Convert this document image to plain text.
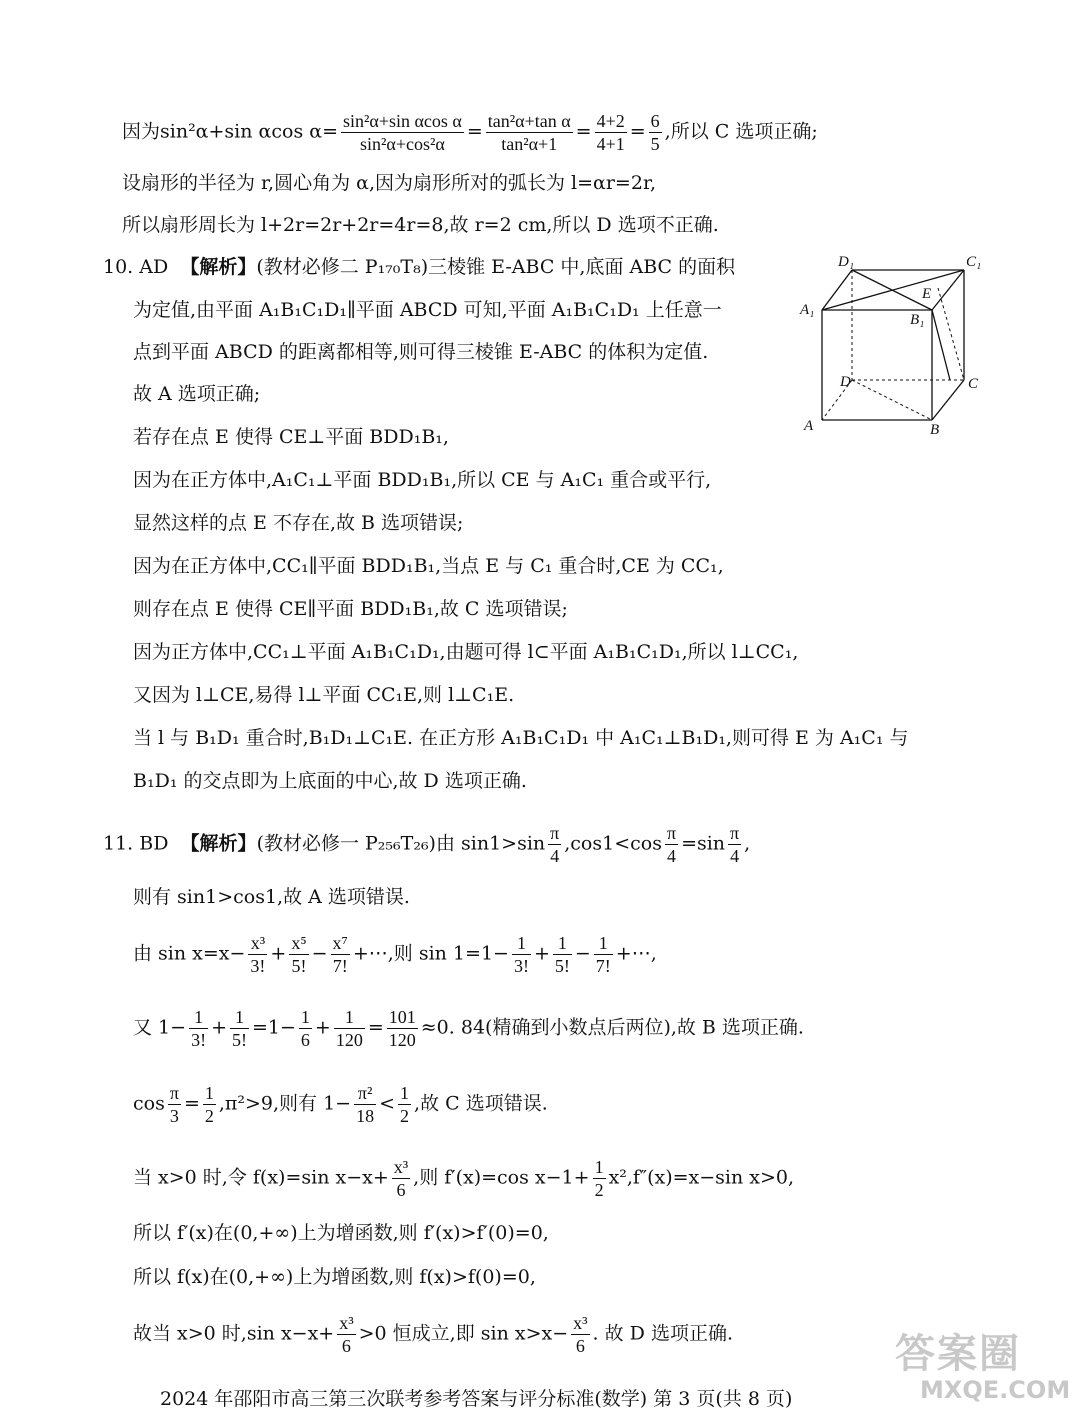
因为sin²α+sin αcos $\alpha= \frac{\text{sin²α+sin αcos α}}{\text{sin²α+cos²α}} = \frac{\text{tan²α+tan α}}{\text{tan²α+1}} = \frac{4+2}{4+1} = \frac{6}{5}$ ,所以 C 选项正确;
设扇形的半径为 r,圆心角为 α,因为扇形所对的弧长为 l=αr=2r,
所以扇形周长为 l+2r=2r+2r=4r=8,故 r=2 cm,所以 D 选项不正确.
10. AD 【解析】(教材必修二 P₁₇₀T₈)三棱锥 E-ABC 中,底面 ABC 的面积
为定值,由平面 A₁B₁C₁D₁∥平面 ABCD 可知,平面 A₁B₁C₁D₁ 上任意一
点到平面 ABCD 的距离都相等,则可得三棱锥 E-ABC 的体积为定值.
故 A 选项正确;
若存在点 E 使得 CE⊥平面 BDD₁B₁,
因为在正方体中,A₁C₁⊥平面 BDD₁B₁,所以 CE 与 A₁C₁ 重合或平行,
显然这样的点 E 不存在,故 B 选项错误;
因为在正方体中,CC₁∥平面 BDD₁B₁,当点 E 与 C₁ 重合时,CE 为 CC₁,
则存在点 E 使得 CE∥平面 BDD₁B₁,故 C 选项错误;
因为正方体中,CC₁⊥平面 A₁B₁C₁D₁,由题可得 l⊂平面 A₁B₁C₁D₁,所以 l⊥CC₁,
又因为 l⊥CE,易得 l⊥平面 CC₁E,则 l⊥C₁E.
当 l 与 B₁D₁ 重合时,B₁D₁⊥C₁E. 在正方形 A₁B₁C₁D₁ 中 A₁C₁⊥B₁D₁,则可得 E 为 A₁C₁ 与
B₁D₁ 的交点即为上底面的中心,故 D 选项正确.
D₁	C₁
A₁
B₁
E
D	C
A	B
11. BD 【解析】(教材必修一 P₂₅₆T₂₆)由 $\sin 1>\sin \frac{\pi}{4} ,\cos 1<\cos \frac{\pi}{4} =\sin \frac{\pi}{4}$ ,
则有 sin1>cos1,故 A 选项错误.
由 $\sin x=x- \frac{\text{x³}}{3!} + \frac{\text{x⁵}}{5!} - \frac{\text{x⁷}}{7!}$ +⋯,则 $\sin 1=1- \frac{1}{3!} + \frac{1}{5!} - \frac{1}{7!}$ +⋯,
又 $1- \frac{1}{3!} + \frac{1}{5!} =1- \frac{1}{6} + \frac{1}{120} = \frac{101}{120} \approx 0$. 84(精确到小数点后两位),故 B 选项正确.
$\cos \frac{\pi}{3} = \frac{1}{2} ,\pi^2>9$,则有 $1- \frac{\text{π²}}{18} < \frac{1}{2}$ ,故 C 选项错误.
当 x>0 时,令 f(x)=sin $x-x+ \frac{\text{x³}}{6}$ ,则 f′(x)=cos $x-1+ \frac{1}{2} x^2,f''(x)=x-\sin$ x>0,
所以 f′(x)在(0,+∞)上为增函数,则 f′(x)>f′(0)=0,
所以 f(x)在(0,+∞)上为增函数,则 f(x)>f(0)=0,
故当 x>0 时,sin $x-x+ \frac{\text{x³}}{6} >0$ 恒成立,即 $\sin x>x- \frac{\text{x³}}{6}$ . 故 D 选项正确.	答案圈
MXQE.COM
2024 年邵阳市高三第三次联考参考答案与评分标准(数学) 第 3 页(共 8 页)
